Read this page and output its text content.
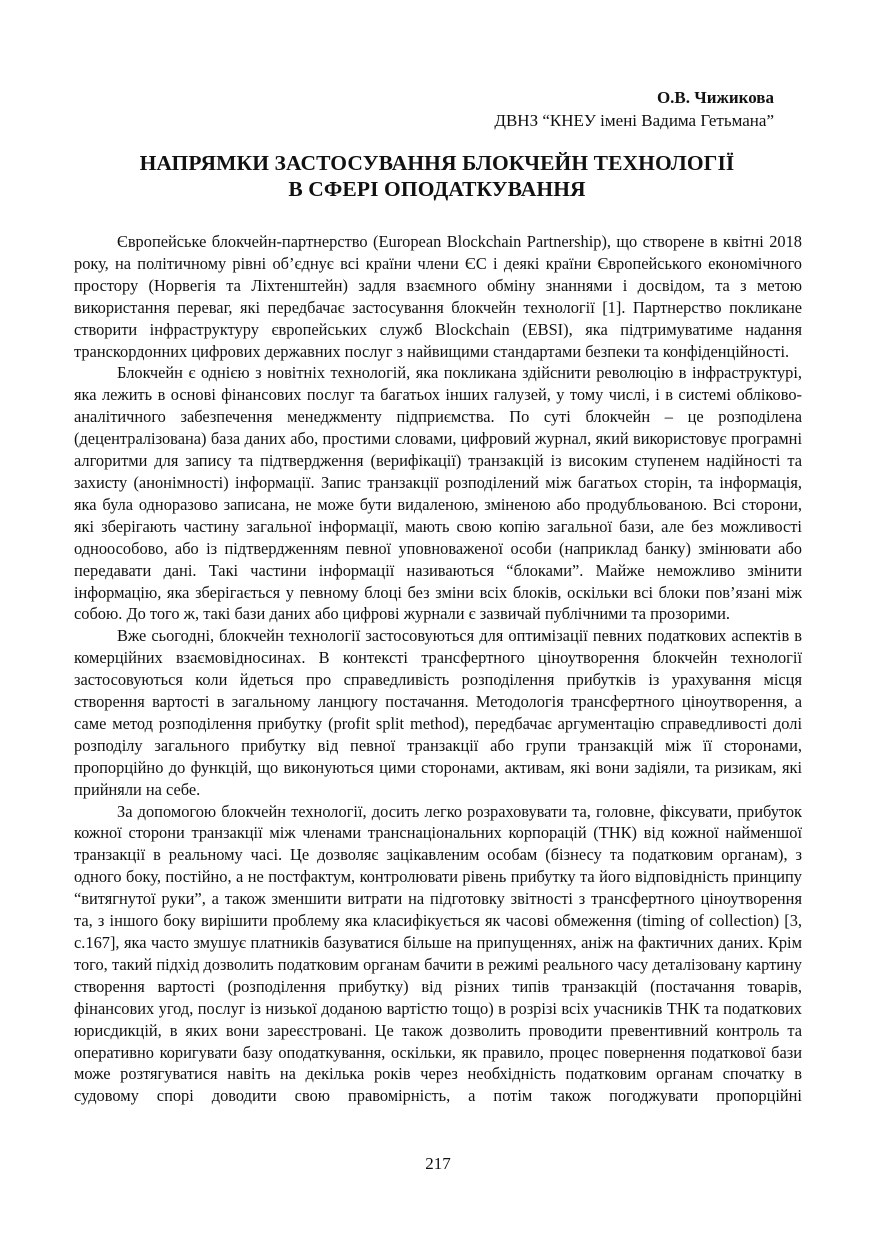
О.В. Чижикова
ДВНЗ “КНЕУ імені Вадима Гетьмана”
НАПРЯМКИ ЗАСТОСУВАННЯ БЛОКЧЕЙН ТЕХНОЛОГІЇ
В СФЕРІ ОПОДАТКУВАННЯ

Європейське блокчейн-партнерство (European Blockchain Partnership), що створене в квітні 2018 року, на політичному рівні об’єднує всі країни члени ЄС і деякі країни Європейського економічного простору (Норвегія та Ліхтенштейн) задля взаємного обміну знаннями і досвідом, та з метою використання переваг, які передбачає застосування блокчейн технології [1]. Партнерство покликане створити інфраструктуру європейських служб Blockchain (EBSI), яка підтримуватиме надання транскордонних цифрових державних послуг з найвищими стандартами безпеки та конфіденційності.

Блокчейн є однією з новітніх технологій, яка покликана здійснити революцію в інфраструктурі, яка лежить в основі фінансових послуг та багатьох інших галузей, у тому числі, і в системі обліково-аналітичного забезпечення менеджменту підприємства. По суті блокчейн – це розподілена (децентралізована) база даних або, простими словами, цифровий журнал, який використовує програмні алгоритми для запису та підтвердження (верифікації) транзакцій із високим ступенем надійності та захисту (анонімності) інформації. Запис транзакції розподілений між багатьох сторін, та інформація, яка була одноразово записана, не може бути видаленою, зміненою або продубльованою. Всі сторони, які зберігають частину загальної інформації, мають свою копію загальної бази, але без можливості одноособово, або із підтвердженням певної уповноваженої особи (наприклад банку) змінювати або передавати дані. Такі частини інформації називаються “блоками”. Майже неможливо змінити інформацію, яка зберігається у певному блоці без зміни всіх блоків, оскільки всі блоки пов’язані між собою. До того ж, такі бази даних або цифрові журнали є зазвичай публічними та прозорими.

Вже сьогодні, блокчейн технології застосовуються для оптимізації певних податкових аспектів в комерційних взаємовідносинах. В контексті трансфертного ціноутворення блокчейн технології застосовуються коли йдеться про справедливість розподілення прибутків із урахування місця створення вартості в загальному ланцюгу постачання. Методологія трансфертного ціноутворення, а саме метод розподілення прибутку (profit split method), передбачає аргументацію справедливості долі розподілу загального прибутку від певної транзакції або групи транзакцій між її сторонами, пропорційно до функцій, що виконуються цими сторонами, активам, які вони задіяли, та ризикам, які прийняли на себе.

За допомогою блокчейн технології, досить легко розраховувати та, головне, фіксувати, прибуток кожної сторони транзакції між членами транснаціональних корпорацій (ТНК) від кожної найменшої транзакції в реальному часі. Це дозволяє зацікавленим особам (бізнесу та податковим органам), з одного боку, постійно, а не постфактум, контролювати рівень прибутку та його відповідність принципу “витягнутої руки”, а також зменшити витрати на підготовку звітності з трансфертного ціноутворення та, з іншого боку вирішити проблему яка класифікується як часові обмеження (timing of collection) [3, с.167], яка часто змушує платників базуватися більше на припущеннях, аніж на фактичних даних. Крім того, такий підхід дозволить податковим органам бачити в режимі реального часу деталізовану картину створення вартості (розподілення прибутку) від різних типів транзакцій (постачання товарів, фінансових угод, послуг із низької доданою вартістю тощо) в розрізі всіх учасників ТНК та податкових юрисдикцій, в яких вони зареєстровані. Це також дозволить проводити превентивний контроль та оперативно коригувати базу оподаткування, оскільки, як правило, процес повернення податкової бази може розтягуватися навіть на декілька років через необхідність податковим органам спочатку в судовому спорі доводити свою правомірність, а потім також погоджувати пропорційні

217
